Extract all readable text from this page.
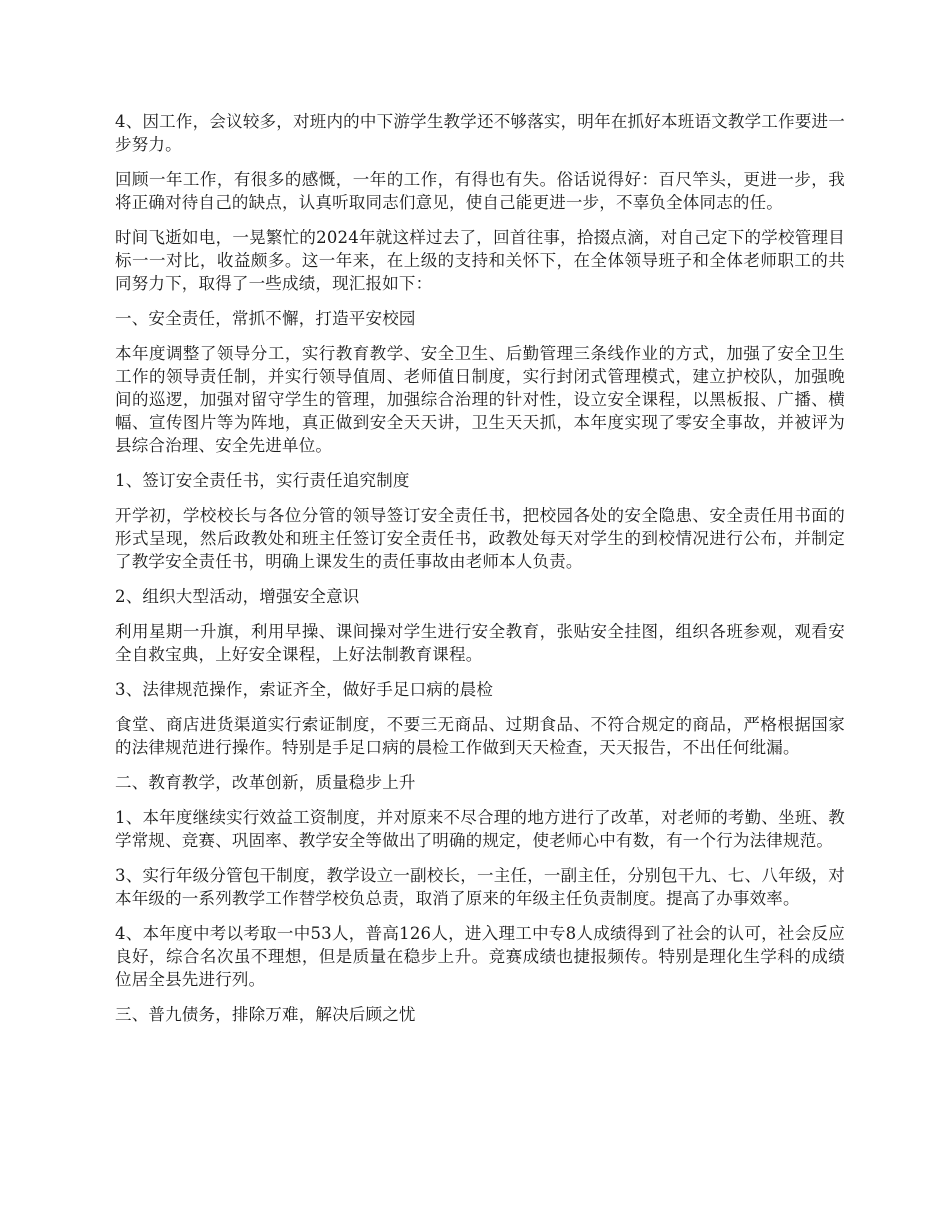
4、因工作，会议较多，对班内的中下游学生教学还不够落实，明年在抓好本班语文教学工作要进一步努力。

回顾一年工作，有很多的感慨，一年的工作，有得也有失。俗话说得好：百尺竿头，更进一步，我将正确对待自己的缺点，认真听取同志们意见，使自己能更进一步，不辜负全体同志的任。

时间飞逝如电，一晃繁忙的2024年就这样过去了，回首往事，拾掇点滴，对自己定下的学校管理目标一一对比，收益颇多。这一年来，在上级的支持和关怀下，在全体领导班子和全体老师职工的共同努力下，取得了一些成绩，现汇报如下：

一、安全责任，常抓不懈，打造平安校园

本年度调整了领导分工，实行教育教学、安全卫生、后勤管理三条线作业的方式，加强了安全卫生工作的领导责任制，并实行领导值周、老师值日制度，实行封闭式管理模式，建立护校队，加强晚间的巡逻，加强对留守学生的管理，加强综合治理的针对性，设立安全课程，以黑板报、广播、横幅、宣传图片等为阵地，真正做到安全天天讲，卫生天天抓，本年度实现了零安全事故，并被评为县综合治理、安全先进单位。

1、签订安全责任书，实行责任追究制度

开学初，学校校长与各位分管的领导签订安全责任书，把校园各处的安全隐患、安全责任用书面的形式呈现，然后政教处和班主任签订安全责任书，政教处每天对学生的到校情况进行公布，并制定了教学安全责任书，明确上课发生的责任事故由老师本人负责。

2、组织大型活动，增强安全意识

利用星期一升旗，利用早操、课间操对学生进行安全教育，张贴安全挂图，组织各班参观，观看安全自救宝典，上好安全课程，上好法制教育课程。

3、法律规范操作，索证齐全，做好手足口病的晨检

食堂、商店进货渠道实行索证制度，不要三无商品、过期食品、不符合规定的商品，严格根据国家的法律规范进行操作。特别是手足口病的晨检工作做到天天检查，天天报告，不出任何纰漏。

二、教育教学，改革创新，质量稳步上升

1、本年度继续实行效益工资制度，并对原来不尽合理的地方进行了改革，对老师的考勤、坐班、教学常规、竞赛、巩固率、教学安全等做出了明确的规定，使老师心中有数，有一个行为法律规范。

3、实行年级分管包干制度，教学设立一副校长，一主任，一副主任，分别包干九、七、八年级，对本年级的一系列教学工作替学校负总责，取消了原来的年级主任负责制度。提高了办事效率。

4、本年度中考以考取一中53人，普高126人，进入理工中专8人成绩得到了社会的认可，社会反应良好，综合名次虽不理想，但是质量在稳步上升。竞赛成绩也捷报频传。特别是理化生学科的成绩位居全县先进行列。

三、普九债务，排除万难，解决后顾之忧
